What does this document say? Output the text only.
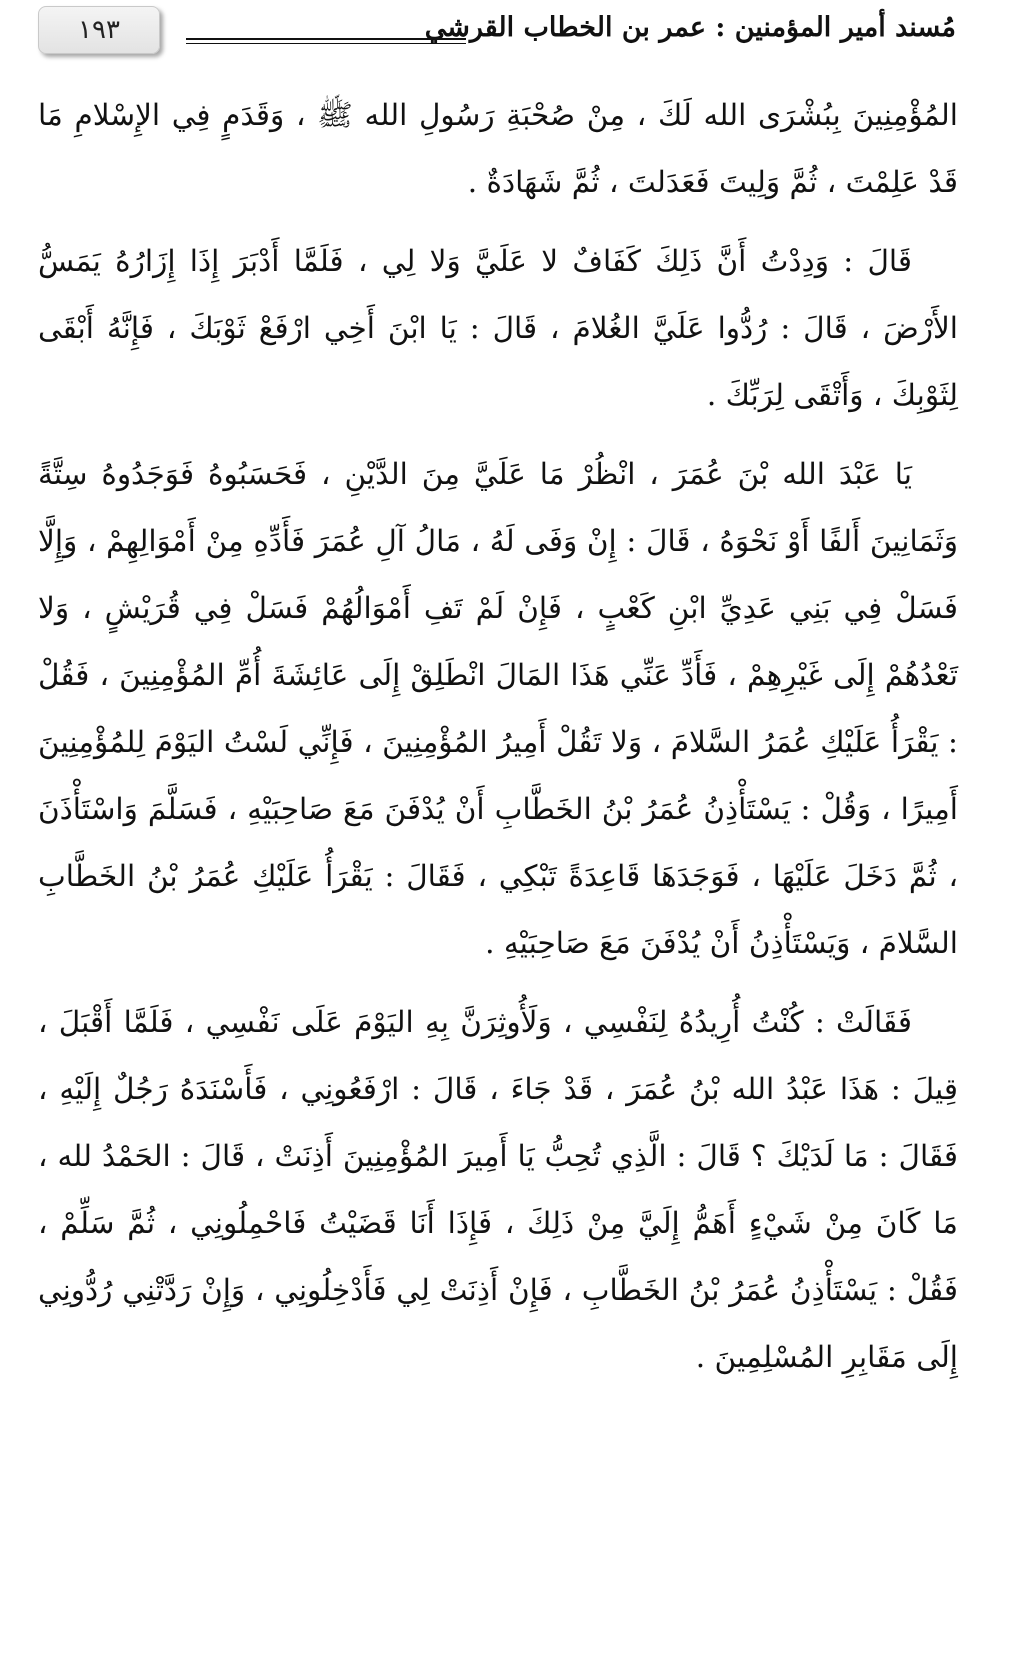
١٩٣	مُسند أمير المؤمنين : عمر بن الخطاب القرشي

المُؤْمِنِينَ بِبُشْرَى الله لَكَ ، مِنْ صُحْبَةِ رَسُولِ الله ﷺ ، وَقَدَمٍ فِي الإِسْلامِ مَا قَدْ عَلِمْتَ ، ثُمَّ وَلِيتَ فَعَدَلتَ ، ثُمَّ شَهَادَةٌ .

قَالَ : وَدِدْتُ أَنَّ ذَلِكَ كَفَافٌ لا عَلَيَّ وَلا لِي ، فَلَمَّا أَدْبَرَ إِذَا إِزَارُهُ يَمَسُّ الأَرْضَ ، قَالَ : رُدُّوا عَلَيَّ الغُلامَ ، قَالَ : يَا ابْنَ أَخِي ارْفَعْ ثَوْبَكَ ، فَإِنَّهُ أَبْقَى لِثَوْبِكَ ، وَأَتْقَى لِرَبِّكَ .

يَا عَبْدَ الله بْنَ عُمَرَ ، انْظُرْ مَا عَلَيَّ مِنَ الدَّيْنِ ، فَحَسَبُوهُ فَوَجَدُوهُ سِتَّةً وَثَمَانِينَ أَلفًا أَوْ نَحْوَهُ ، قَالَ : إِنْ وَفَى لَهُ ، مَالُ آلِ عُمَرَ فَأَدِّهِ مِنْ أَمْوَالِهِمْ ، وَإِلَّا فَسَلْ فِي بَنِي عَدِيِّ ابْنِ كَعْبٍ ، فَإِنْ لَمْ تَفِ أَمْوَالُهُمْ فَسَلْ فِي قُرَيْشٍ ، وَلا تَعْدُهُمْ إِلَى غَيْرِهِمْ ، فَأَدِّ عَنِّي هَذَا المَالَ انْطَلِقْ إِلَى عَائِشَةَ أُمِّ المُؤْمِنِينَ ، فَقُلْ : يَقْرَأُ عَلَيْكِ عُمَرُ السَّلامَ ، وَلا تَقُلْ أَمِيرُ المُؤْمِنِينَ ، فَإِنِّي لَسْتُ اليَوْمَ لِلمُؤْمِنِينَ أَمِيرًا ، وَقُلْ : يَسْتَأْذِنُ عُمَرُ بْنُ الخَطَّابِ أَنْ يُدْفَنَ مَعَ صَاحِبَيْهِ ، فَسَلَّمَ وَاسْتَأْذَنَ ، ثُمَّ دَخَلَ عَلَيْهَا ، فَوَجَدَهَا قَاعِدَةً تَبْكِي ، فَقَالَ : يَقْرَأُ عَلَيْكِ عُمَرُ بْنُ الخَطَّابِ السَّلامَ ، وَيَسْتَأْذِنُ أَنْ يُدْفَنَ مَعَ صَاحِبَيْهِ .

فَقَالَتْ : كُنْتُ أُرِيدُهُ لِنَفْسِي ، وَلَأُوثِرَنَّ بِهِ اليَوْمَ عَلَى نَفْسِي ، فَلَمَّا أَقْبَلَ ، قِيلَ : هَذَا عَبْدُ الله بْنُ عُمَرَ ، قَدْ جَاءَ ، قَالَ : ارْفَعُونِي ، فَأَسْنَدَهُ رَجُلٌ إِلَيْهِ ، فَقَالَ : مَا لَدَيْكَ ؟ قَالَ : الَّذِي تُحِبُّ يَا أَمِيرَ المُؤْمِنِينَ أَذِنَتْ ، قَالَ : الحَمْدُ لله ، مَا كَانَ مِنْ شَيْءٍ أَهَمُّ إِلَيَّ مِنْ ذَلِكَ ، فَإِذَا أَنَا قَضَيْتُ فَاحْمِلُونِي ، ثُمَّ سَلِّمْ ، فَقُلْ : يَسْتَأْذِنُ عُمَرُ بْنُ الخَطَّابِ ، فَإِنْ أَذِنَتْ لِي فَأَدْخِلُونِي ، وَإِنْ رَدَّتْنِي رُدُّونِي إِلَى مَقَابِرِ المُسْلِمِينَ .
